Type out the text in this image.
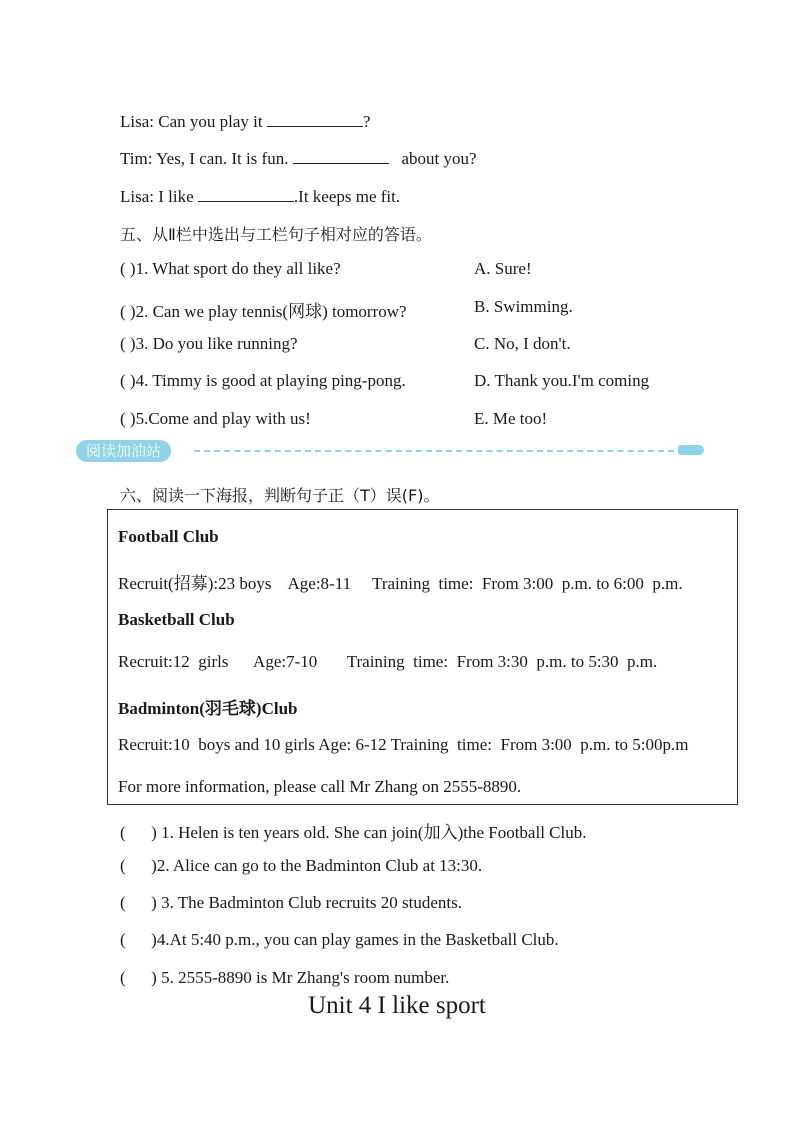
Lisa: Can you play it	?
Tim: Yes, I can. It is fun.	about you?
Lisa: I like	.It keeps me fit.
五、从Ⅱ栏中选出与工栏句子相对应的答语。
( )1. What sport do they all like?	A. Sure!
( )2. Can we play tennis(网球) tomorrow?	B. Swimming.
( )3. Do you like running?	C. No, I don't.
( )4. Timmy is good at playing ping-pong.	D. Thank you.I'm coming
( )5.Come and play with us!	E. Me too!
阅读加油站
六、阅读一下海报，判断句子正（T）误(F)。
Football Club
Recruit(招募):23 boys    Age:8-11     Training  time:  From 3:00  p.m. to 6:00  p.m.
Basketball Club
Recruit:12  girls      Age:7-10       Training  time:  From 3:30  p.m. to 5:30  p.m.
Badminton(羽毛球)Club
Recruit:10  boys and 10 girls Age: 6-12 Training  time:  From 3:00  p.m. to 5:00p.m
For more information, please call Mr Zhang on 2555-8890.
(      ) 1. Helen is ten years old. She can join(加入)the Football Club.
(      )2. Alice can go to the Badminton Club at 13:30.
(      ) 3. The Badminton Club recruits 20 students.
(      )4.At 5:40 p.m., you can play games in the Basketball Club.
(      ) 5. 2555-8890 is Mr Zhang's room number.
Unit 4 I like sport
